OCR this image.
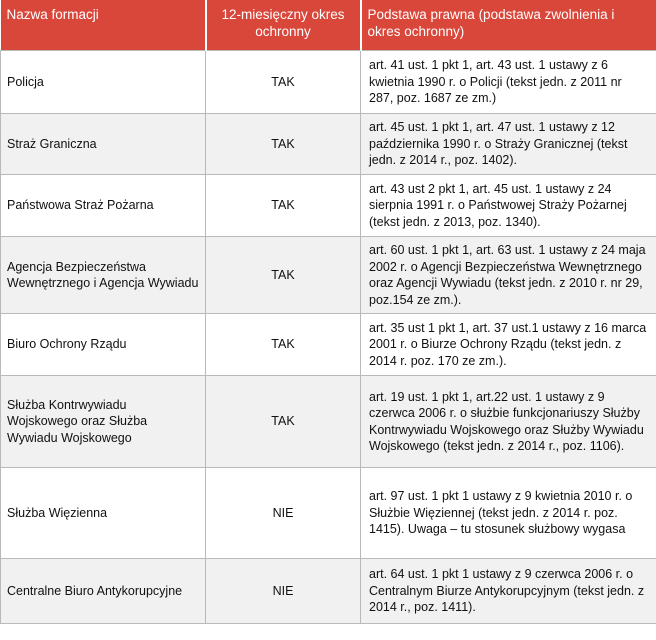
Nazwa formacji	12-miesięczny okres ochronny	Podstawa prawna (podstawa zwolnienia i okres ochronny)
Policja	TAK	art. 41 ust. 1 pkt 1, art. 43 ust. 1 ustawy z 6 kwietnia 1990 r. o Policji (tekst jedn. z 2011 nr 287, poz. 1687 ze zm.)
Straż Graniczna	TAK	art. 45 ust. 1 pkt 1, art. 47 ust. 1 ustawy z 12 października 1990 r. o Straży Granicznej (tekst jedn. z 2014 r., poz. 1402).
Państwowa Straż Pożarna	TAK	art. 43 ust 2 pkt 1, art. 45 ust. 1 ustawy z 24 sierpnia 1991 r. o Państwowej Straży Pożarnej (tekst jedn. z 2013, poz. 1340).
Agencja Bezpieczeństwa Wewnętrznego i Agencja Wywiadu	TAK	art. 60 ust. 1 pkt 1, art. 63 ust. 1 ustawy z 24 maja 2002 r. o Agencji Bezpieczeństwa Wewnętrznego oraz Agencji Wywiadu (tekst jedn. z 2010 r. nr 29, poz.154 ze zm.).
Biuro Ochrony Rządu	TAK	art. 35 ust 1 pkt 1, art. 37 ust.1 ustawy z 16 marca 2001 r. o Biurze Ochrony Rządu (tekst jedn. z 2014 r. poz. 170 ze zm.).
Służba Kontrwywiadu Wojskowego oraz Służba Wywiadu Wojskowego	TAK	art. 19 ust. 1 pkt 1, art.22 ust. 1 ustawy z 9 czerwca 2006 r. o służbie funkcjonariuszy Służby Kontrwywiadu Wojskowego oraz Służby Wywiadu Wojskowego (tekst jedn. z 2014 r., poz. 1106).
Służba Więzienna	NIE	art. 97 ust. 1 pkt 1 ustawy z 9 kwietnia 2010 r. o Służbie Więziennej (tekst jedn. z 2014 r. poz. 1415). Uwaga – tu stosunek służbowy wygasa
Centralne Biuro Antykorupcyjne	NIE	art. 64 ust. 1 pkt 1 ustawy z 9 czerwca 2006 r. o Centralnym Biurze Antykorupcyjnym (tekst jedn. z 2014 r., poz. 1411).
